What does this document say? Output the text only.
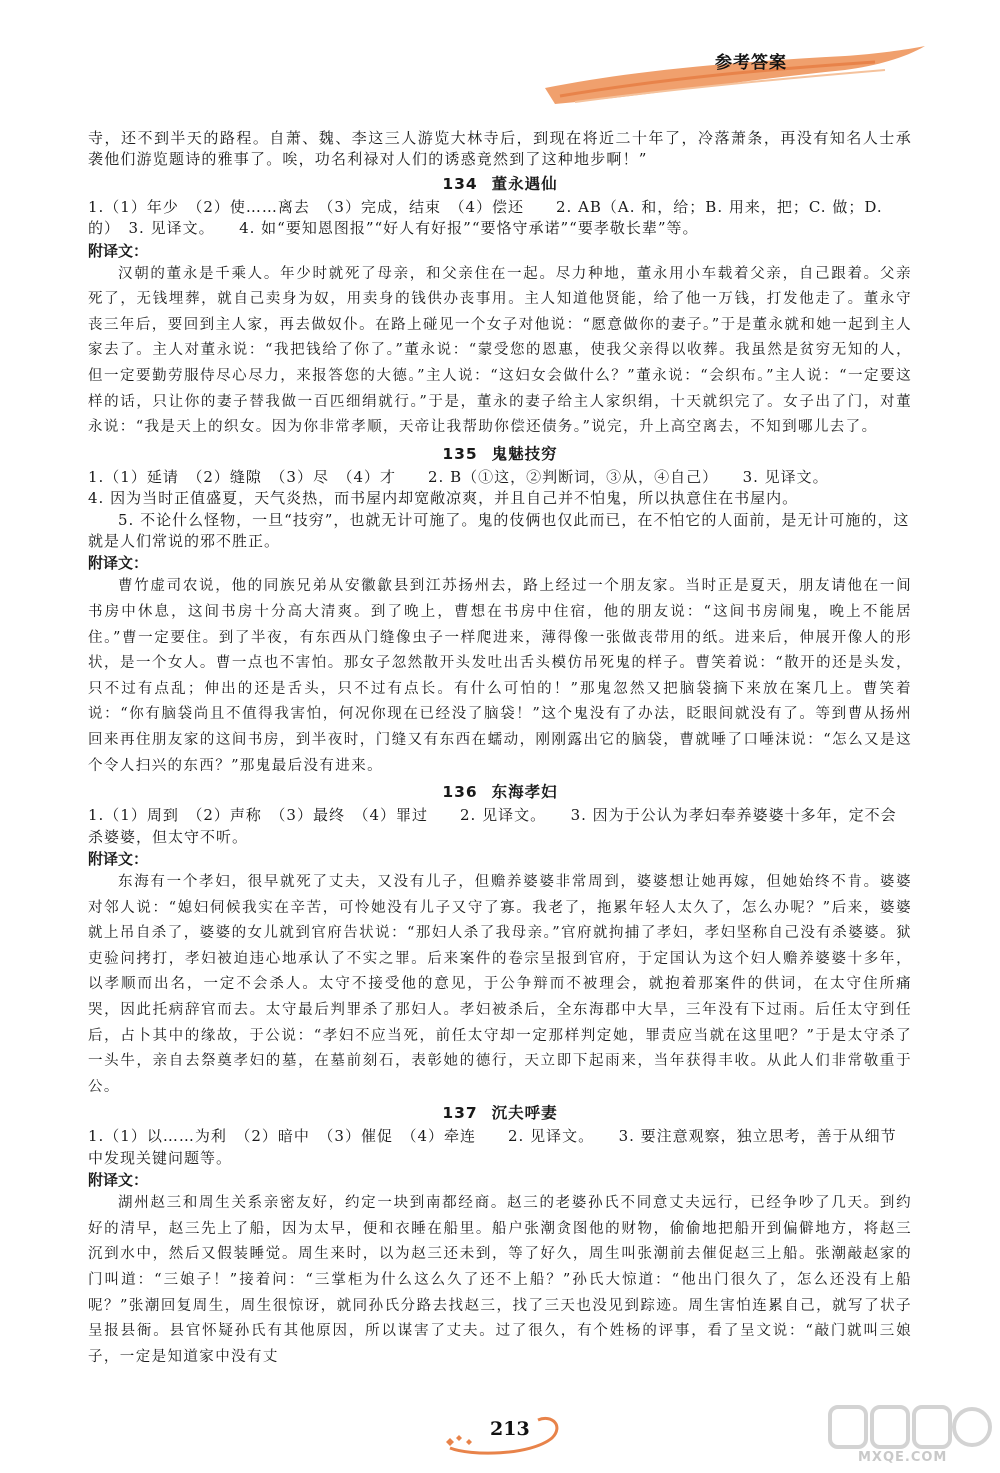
参考答案

寺，还不到半天的路程。自萧、魏、李这三人游览大林寺后，到现在将近二十年了，冷落萧条，再没有知名人士承袭他们游览题诗的雅事了。唉，功名利禄对人们的诱惑竟然到了这种地步啊！”

134 董永遇仙

1.（1）年少　（2）使……离去　（3）完成，结束　（4）偿还　　2. AB（A. 和，给；B. 用来，把；C. 做；D. 的）　3. 见译文。　　4. 如“要知恩图报”“好人有好报”“要恪守承诺”“要孝敬长辈”等。

附译文：

汉朝的董永是千乘人。年少时就死了母亲，和父亲住在一起。尽力种地，董永用小车载着父亲，自己跟着。父亲死了，无钱埋葬，就自己卖身为奴，用卖身的钱供办丧事用。主人知道他贤能，给了他一万钱，打发他走了。董永守丧三年后，要回到主人家，再去做奴仆。在路上碰见一个女子对他说：“愿意做你的妻子。”于是董永就和她一起到主人家去了。主人对董永说：“我把钱给了你了。”董永说：“蒙受您的恩惠，使我父亲得以收葬。我虽然是贫穷无知的人，但一定要勤劳服侍尽心尽力，来报答您的大德。”主人说：“这妇女会做什么？”董永说：“会织布。”主人说：“一定要这样的话，只让你的妻子替我做一百匹细绢就行。”于是，董永的妻子给主人家织绢，十天就织完了。女子出了门，对董永说：“我是天上的织女。因为你非常孝顺，天帝让我帮助你偿还债务。”说完，升上高空离去，不知到哪儿去了。

135 鬼魅技穷

1.（1）延请　（2）缝隙　（3）尽　（4）才　　2. B（①这，②判断词，③从，④自己）　　3. 见译文。

4. 因为当时正值盛夏，天气炎热，而书屋内却宽敞凉爽，并且自己并不怕鬼，所以执意住在书屋内。

5. 不论什么怪物，一旦“技穷”，也就无计可施了。鬼的伎俩也仅此而已，在不怕它的人面前，是无计可施的，这就是人们常说的邪不胜正。

附译文：

曹竹虚司农说，他的同族兄弟从安徽歙县到江苏扬州去，路上经过一个朋友家。当时正是夏天，朋友请他在一间书房中休息，这间书房十分高大清爽。到了晚上，曹想在书房中住宿，他的朋友说：“这间书房闹鬼，晚上不能居住。”曹一定要住。到了半夜，有东西从门缝像虫子一样爬进来，薄得像一张做丧带用的纸。进来后，伸展开像人的形状，是一个女人。曹一点也不害怕。那女子忽然散开头发吐出舌头模仿吊死鬼的样子。曹笑着说：“散开的还是头发，只不过有点乱；伸出的还是舌头，只不过有点长。有什么可怕的！”那鬼忽然又把脑袋摘下来放在案几上。曹笑着说：“你有脑袋尚且不值得我害怕，何况你现在已经没了脑袋！”这个鬼没有了办法，眨眼间就没有了。等到曹从扬州回来再住朋友家的这间书房，到半夜时，门缝又有东西在蠕动，刚刚露出它的脑袋，曹就唾了口唾沫说：“怎么又是这个令人扫兴的东西？”那鬼最后没有进来。

136 东海孝妇

1.（1）周到　（2）声称　（3）最终　（4）罪过　　2. 见译文。　　3. 因为于公认为孝妇奉养婆婆十多年，定不会杀婆婆，但太守不听。

附译文：

东海有一个孝妇，很早就死了丈夫，又没有儿子，但赡养婆婆非常周到，婆婆想让她再嫁，但她始终不肯。婆婆对邻人说：“媳妇伺候我实在辛苦，可怜她没有儿子又守了寡。我老了，拖累年轻人太久了，怎么办呢？”后来，婆婆就上吊自杀了，婆婆的女儿就到官府告状说：“那妇人杀了我母亲。”官府就拘捕了孝妇，孝妇坚称自己没有杀婆婆。狱吏验问拷打，孝妇被迫违心地承认了不实之罪。后来案件的卷宗呈报到官府，于定国认为这个妇人赡养婆婆十多年，以孝顺而出名，一定不会杀人。太守不接受他的意见，于公争辩而不被理会，就抱着那案件的供词，在太守住所痛哭，因此托病辞官而去。太守最后判罪杀了那妇人。孝妇被杀后，全东海郡中大旱，三年没有下过雨。后任太守到任后，占卜其中的缘故，于公说：“孝妇不应当死，前任太守却一定那样判定她，罪责应当就在这里吧？”于是太守杀了一头牛，亲自去祭奠孝妇的墓，在墓前刻石，表彰她的德行，天立即下起雨来，当年获得丰收。从此人们非常敬重于公。

137 沉夫呼妻

1.（1）以……为利　（2）暗中　（3）催促　（4）牵连　　2. 见译文。　　3. 要注意观察，独立思考，善于从细节中发现关键问题等。

附译文：

湖州赵三和周生关系亲密友好，约定一块到南都经商。赵三的老婆孙氏不同意丈夫远行，已经争吵了几天。到约好的清早，赵三先上了船，因为太早，便和衣睡在船里。船户张潮贪图他的财物，偷偷地把船开到偏僻地方，将赵三沉到水中，然后又假装睡觉。周生来时，以为赵三还未到，等了好久，周生叫张潮前去催促赵三上船。张潮敲赵家的门叫道：“三娘子！”接着问：“三掌柜为什么这么久了还不上船？”孙氏大惊道：“他出门很久了，怎么还没有上船呢？”张潮回复周生，周生很惊讶，就同孙氏分路去找赵三，找了三天也没见到踪迹。周生害怕连累自己，就写了状子呈报县衙。县官怀疑孙氏有其他原因，所以谋害了丈夫。过了很久，有个姓杨的评事，看了呈文说：“敲门就叫三娘子，一定是知道家中没有丈

213
MXQE.COM
